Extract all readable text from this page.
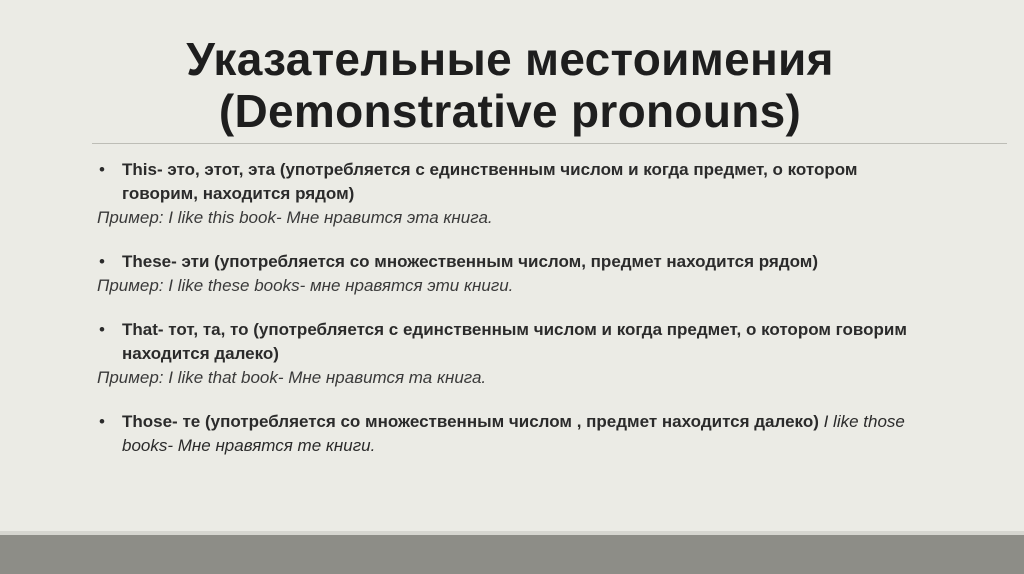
Указательные местоимения
(Demonstrative pronouns)
• This- это, этот, эта (употребляется с единственным числом и когда предмет, о котором говорим, находится рядом)
Пример: I like this book- Мне нравится эта книга.
• These- эти (употребляется со множественным числом, предмет находится рядом)
Пример: I like these books- мне нравятся эти книги.
• That- тот, та, то (употребляется с единственным числом и когда предмет, о котором говорим находится далеко)
Пример: I like that book- Мне нравится та книга.
• Those- те (употребляется со множественным числом , предмет находится далеко) I like those books- Мне нравятся те книги.
